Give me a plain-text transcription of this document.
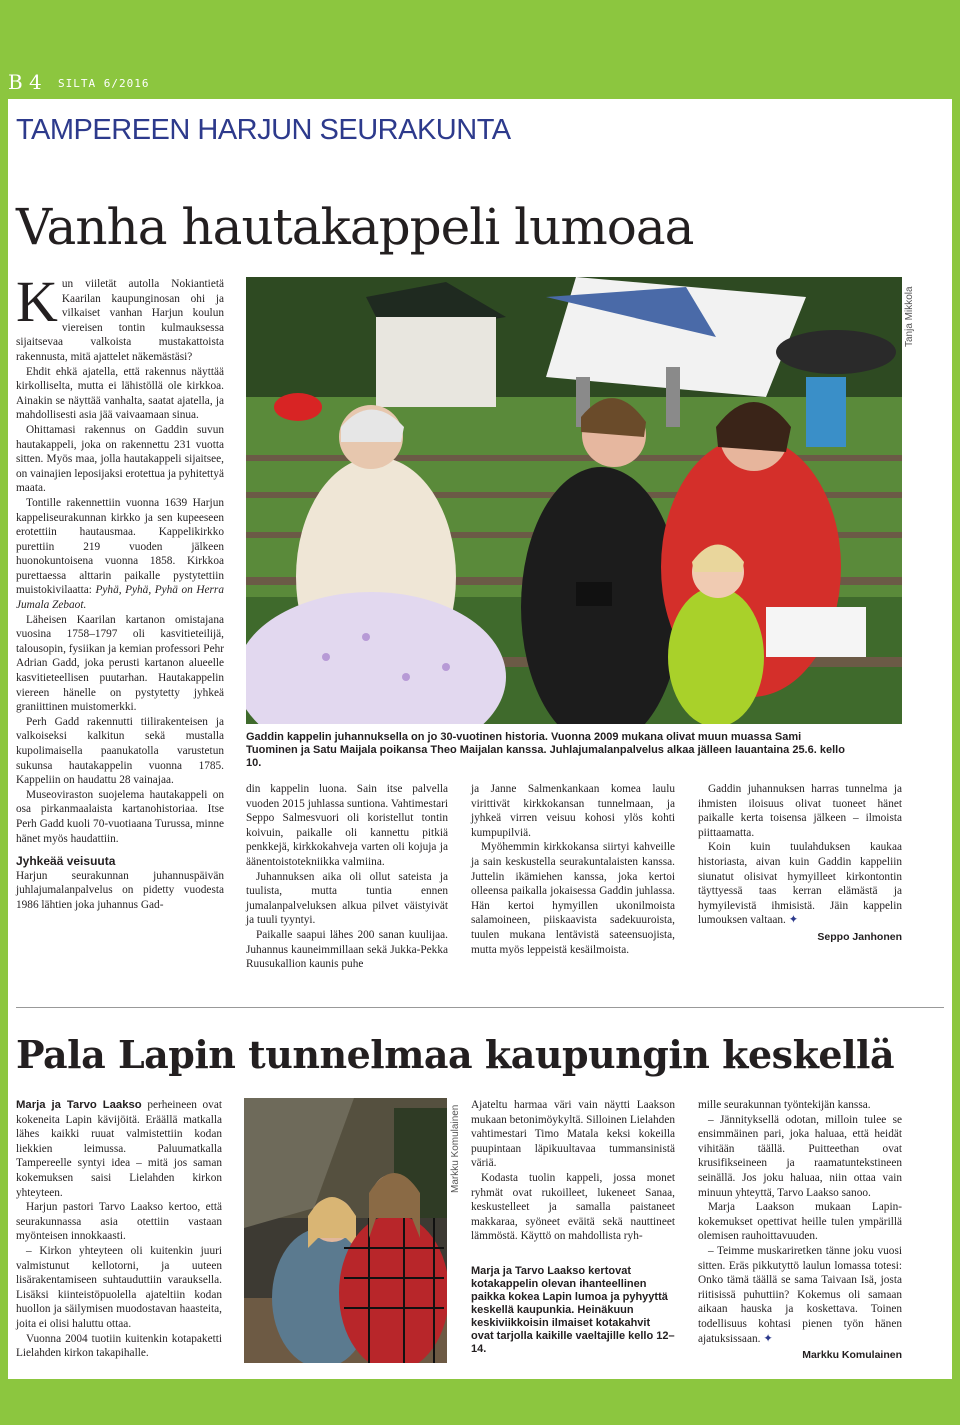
B 4 SILTA 6/2016
TAMPEREEN HARJUN SEURAKUNTA
Vanha hautakappeli lumoaa

Kun viiletät autolla Nokiantietä Kaarilan kaupunginosan ohi ja vilkaiset vanhan Harjun koulun viereisen tontin kulmauksessa sijaitsevaa valkoista mustakattoista rakennusta, mitä ajattelet näkemästäsi?

Ehdit ehkä ajatella, että rakennus näyttää kirkolliselta, mutta ei lähistöllä ole kirkkoa. Ainakin se näyttää vanhalta, saatat ajatella, ja mahdollisesti asia jää vaivaamaan sinua.

Ohittamasi rakennus on Gaddin suvun hautakappeli, joka on rakennettu 231 vuotta sitten. Myös maa, jolla hautakappeli sijaitsee, on vainajien leposijaksi erotettua ja pyhitettyä maata.

Tontille rakennettiin vuonna 1639 Harjun kappeliseurakunnan kirkko ja sen kupeeseen erotettiin hautausmaa. Kappelikirkko purettiin 219 vuoden jälkeen huonokuntoisena vuonna 1858. Kirkkoa purettaessa alttarin paikalle pystytettiin muistokivilaatta: Pyhä, Pyhä, Pyhä on Herra Jumala Zebaot.

Läheisen Kaarilan kartanon omistajana vuosina 1758–1797 oli kasvitieteilijä, talousopin, fysiikan ja kemian professori Pehr Adrian Gadd, joka perusti kartanon alueelle kasvitieteellisen puutarhan. Hautakappelin viereen hänelle on pystytetty jyhkeä graniittinen muistomerkki.

Perh Gadd rakennutti tiilirakenteisen ja valkoiseksi kalkitun sekä mustalla kupolimaisella paanukatolla varustetun sukunsa hautakappelin vuonna 1785. Kappeliin on haudattu 28 vainajaa.

Museoviraston suojelema hautakappeli on osa pirkanmaalaista kartanohistoriaa. Itse Perh Gadd kuoli 70-vuotiaana Turussa, minne hänet myös haudattiin.

Jyhkeää veisuuta

Harjun seurakunnan juhannuspäivän juhlajumalanpalvelus on pidetty vuodesta 1986 lähtien joka juhannus Gad-

Tanja Mikkola
Gaddin kappelin juhannuksella on jo 30-vuotinen historia. Vuonna 2009 mukana olivat muun muassa Sami Tuominen ja Satu Maijala poikansa Theo Maijalan kanssa. Juhlajumalanpalvelus alkaa jälleen lauantaina 25.6. kello 10.

din kappelin luona. Sain itse palvella vuoden 2015 juhlassa suntiona. Vahtimestari Seppo Salmesvuori oli koristellut tontin koivuin, paikalle oli kannettu pitkiä penkkejä, kirkkokahveja varten oli kojuja ja äänentoistotekniikka valmiina.

Juhannuksen aika oli ollut sateista ja tuulista, mutta tuntia ennen jumalanpalveluksen alkua pilvet väistyivät ja tuuli tyyntyi.

Paikalle saapui lähes 200 sanan kuulijaa. Juhannus kauneimmillaan sekä Jukka-Pekka Ruusukallion kaunis puhe

ja Janne Salmenkankaan komea laulu virittivät kirkkokansan tunnelmaan, ja jyhkeä virren veisuu kohosi ylös kohti kumpupilviä.

Myöhemmin kirkkokansa siirtyi kahveille ja sain keskustella seurakuntalaisten kanssa. Juttelin ikämiehen kanssa, joka kertoi olleensa paikalla jokaisessa Gaddin juhlassa. Hän kertoi hymyillen ukonilmoista salamoineen, piiskaavista sadekuuroista, tuulen mukana lentävistä sateensuojista, mutta myös leppeistä kesäilmoista.

Gaddin juhannuksen harras tunnelma ja ihmisten iloisuus olivat tuoneet hänet paikalle kerta toisensa jälkeen – ilmoista piittaamatta.

Koin kuin tuulahduksen kaukaa historiasta, aivan kuin Gaddin kappeliin siunatut olisivat hymyilleet kirkontontin täyttyessä taas kerran elämästä ja hymyilevistä ihmisistä. Jäin kappelin lumouksen valtaan. ✦

Seppo Janhonen
Pala Lapin tunnelmaa kaupungin keskellä

Marja ja Tarvo Laakso perheineen ovat kokeneita Lapin kävijöitä. Eräällä matkalla lähes kaikki ruuat valmistettiin kodan liekkien leimussa. Paluumatkalla Tampereelle syntyi idea – mitä jos saman kokemuksen saisi Lielahden kirkon yhteyteen.

Harjun pastori Tarvo Laakso kertoo, että seurakunnassa asia otettiin vastaan myönteisen innokkaasti.

– Kirkon yhteyteen oli kuitenkin juuri valmistunut kellotorni, ja uuteen lisärakentamiseen suhtauduttiin varauksella. Lisäksi kiinteistöpuolella ajateltiin kodan huollon ja säilymisen muodostavan haasteita, joita ei olisi haluttu ottaa.

Vuonna 2004 tuotiin kuitenkin kotapaketti Lielahden kirkon takapihalle.

Markku Komulainen Ajateltu harmaa väri vain näytti Laakson mukaan betonimöykyltä. Silloinen Lielahden vahtimestari Timo Matala keksi kokeilla puupintaan läpikuultavaa tummansinistä väriä.

Kodasta tuolin kappeli, jossa monet ryhmät ovat rukoilleet, lukeneet Sanaa, keskustelleet ja samalla paistaneet makkaraa, syöneet eväitä sekä nauttineet lämmöstä. Käyttö on mahdollista ryh-

Marja ja Tarvo Laakso kertovat kotakappelin olevan ihanteellinen paikka kokea Lapin lumoa ja pyhyyttä keskellä kaupunkia. Heinäkuun keskiviikkoisin ilmaiset kotakahvit ovat tarjolla kaikille vaeltajille kello 12–14.

mille seurakunnan työntekijän kanssa.

– Jännityksellä odotan, milloin tulee se ensimmäinen pari, joka haluaa, että heidät vihitään täällä. Puitteethan ovat krusifikseineen ja raamatuntekstineen seinällä. Jos joku haluaa, niin ottaa vain minuun yhteyttä, Tarvo Laakso sanoo.

Marja Laakson mukaan Lapin-kokemukset opettivat heille tulen ympärillä olemisen rauhoittavuuden.

– Teimme muskariretken tänne joku vuosi sitten. Eräs pikkutyttö laulun lomassa totesi: Onko tämä täällä se sama Taivaan Isä, josta riitisissä puhuttiin? Kokemus oli samaan aikaan hauska ja koskettava. Toinen todellisuus kohtasi pienen työn hänen ajatuksissaan. ✦

Markku Komulainen
